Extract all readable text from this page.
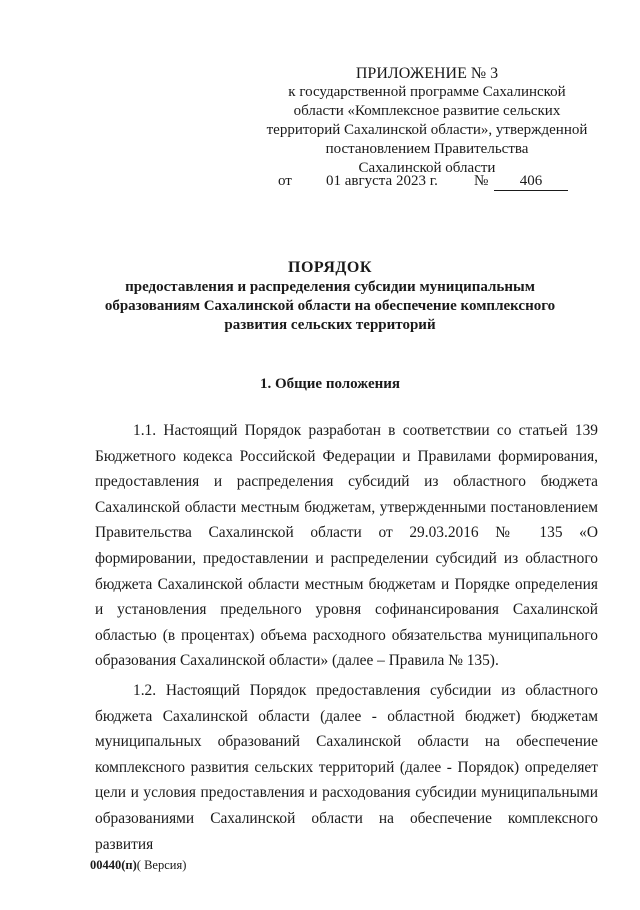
ПРИЛОЖЕНИЕ № 3
к государственной программе Сахалинской
области «Комплексное развитие сельских
территорий Сахалинской области», утвержденной
постановлением Правительства
Сахалинской области
от 01 августа 2023 г. №	406
ПОРЯДОК
предоставления и распределения субсидии муниципальным
образованиям Сахалинской области на обеспечение комплексного
развития сельских территорий
1. Общие положения

1.1. Настоящий Порядок разработан в соответствии со статьей 139 Бюджетного кодекса Российской Федерации и Правилами формирования, предоставления и распределения субсидий из областного бюджета Сахалинской области местным бюджетам, утвержденными постановлением Правительства Сахалинской области от 29.03.2016 № 135 «О формировании, предоставлении и распределении субсидий из областного бюджета Сахалинской области местным бюджетам и Порядке определения и установления предельного уровня софинансирования Сахалинской областью (в процентах) объема расходного обязательства муниципального образования Сахалинской области» (далее – Правила № 135).

1.2. Настоящий Порядок предоставления субсидии из областного бюджета Сахалинской области (далее - областной бюджет) бюджетам муниципальных образований Сахалинской области на обеспечение комплексного развития сельских территорий (далее - Порядок) определяет цели и условия предоставления и расходования субсидии муниципальными образованиями Сахалинской области на обеспечение комплексного развития

00440(п)( Версия)
